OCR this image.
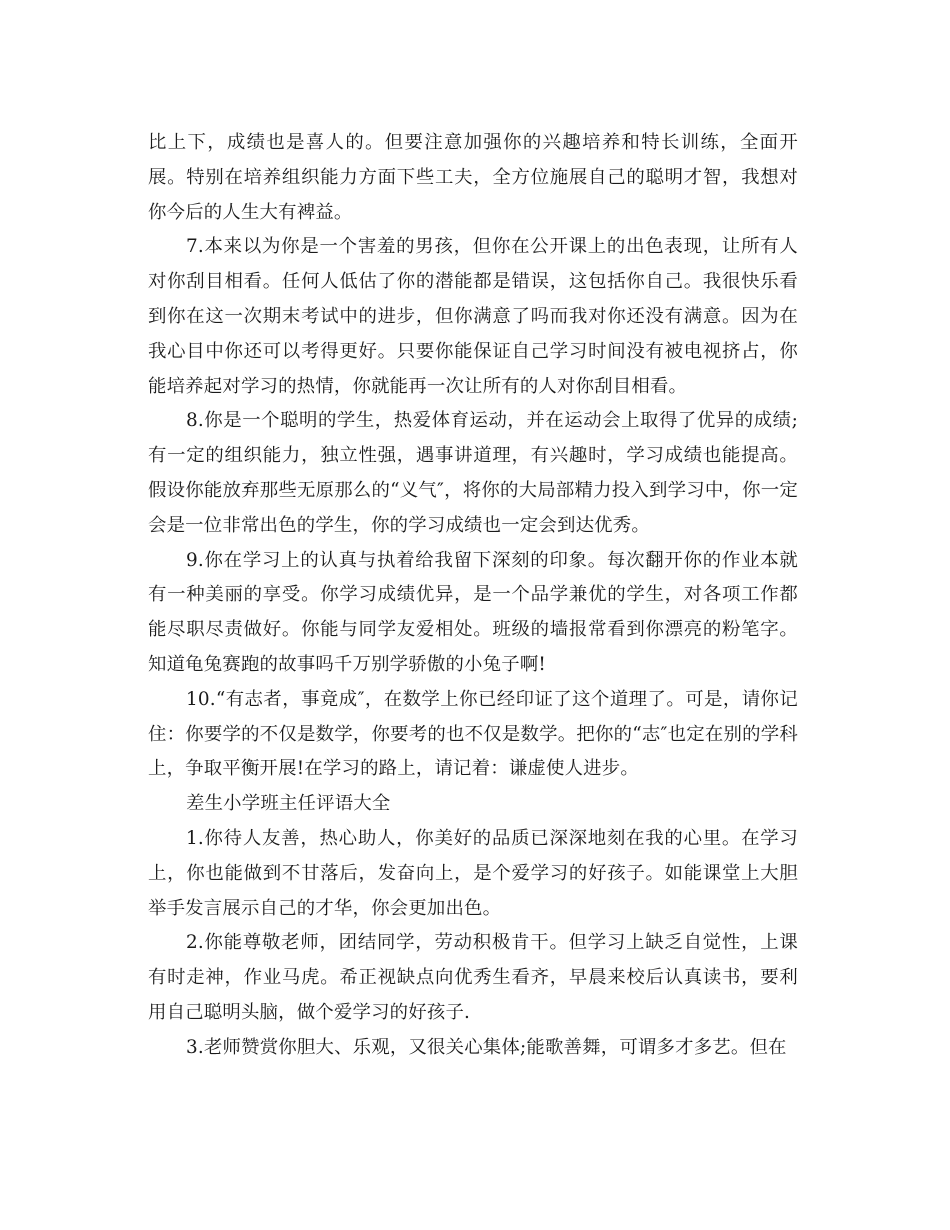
比上下，成绩也是喜人的。但要注意加强你的兴趣培养和特长训练，全面开展。特别在培养组织能力方面下些工夫，全方位施展自己的聪明才智，我想对你今后的人生大有裨益。

7.本来以为你是一个害羞的男孩，但你在公开课上的出色表现，让所有人对你刮目相看。任何人低估了你的潜能都是错误，这包括你自己。我很快乐看到你在这一次期末考试中的进步，但你满意了吗而我对你还没有满意。因为在我心目中你还可以考得更好。只要你能保证自己学习时间没有被电视挤占，你能培养起对学习的热情，你就能再一次让所有的人对你刮目相看。

8.你是一个聪明的学生，热爱体育运动，并在运动会上取得了优异的成绩;有一定的组织能力，独立性强，遇事讲道理，有兴趣时，学习成绩也能提高。假设你能放弃那些无原那么的“义气″，将你的大局部精力投入到学习中，你一定会是一位非常出色的学生，你的学习成绩也一定会到达优秀。

9.你在学习上的认真与执着给我留下深刻的印象。每次翻开你的作业本就有一种美丽的享受。你学习成绩优异，是一个品学兼优的学生，对各项工作都能尽职尽责做好。你能与同学友爱相处。班级的墙报常看到你漂亮的粉笔字。知道龟兔赛跑的故事吗千万别学骄傲的小兔子啊!

10.“有志者，事竟成″，在数学上你已经印证了这个道理了。可是，请你记住：你要学的不仅是数学，你要考的也不仅是数学。把你的“志″也定在别的学科上，争取平衡开展!在学习的路上，请记着：谦虚使人进步。

差生小学班主任评语大全

1.你待人友善，热心助人，你美好的品质已深深地刻在我的心里。在学习上，你也能做到不甘落后，发奋向上，是个爱学习的好孩子。如能课堂上大胆举手发言展示自己的才华，你会更加出色。

2.你能尊敬老师，团结同学，劳动积极肯干。但学习上缺乏自觉性，上课有时走神，作业马虎。希正视缺点向优秀生看齐，早晨来校后认真读书，要利用自己聪明头脑，做个爱学习的好孩子.

3.老师赞赏你胆大、乐观，又很关心集体;能歌善舞，可谓多才多艺。但在
